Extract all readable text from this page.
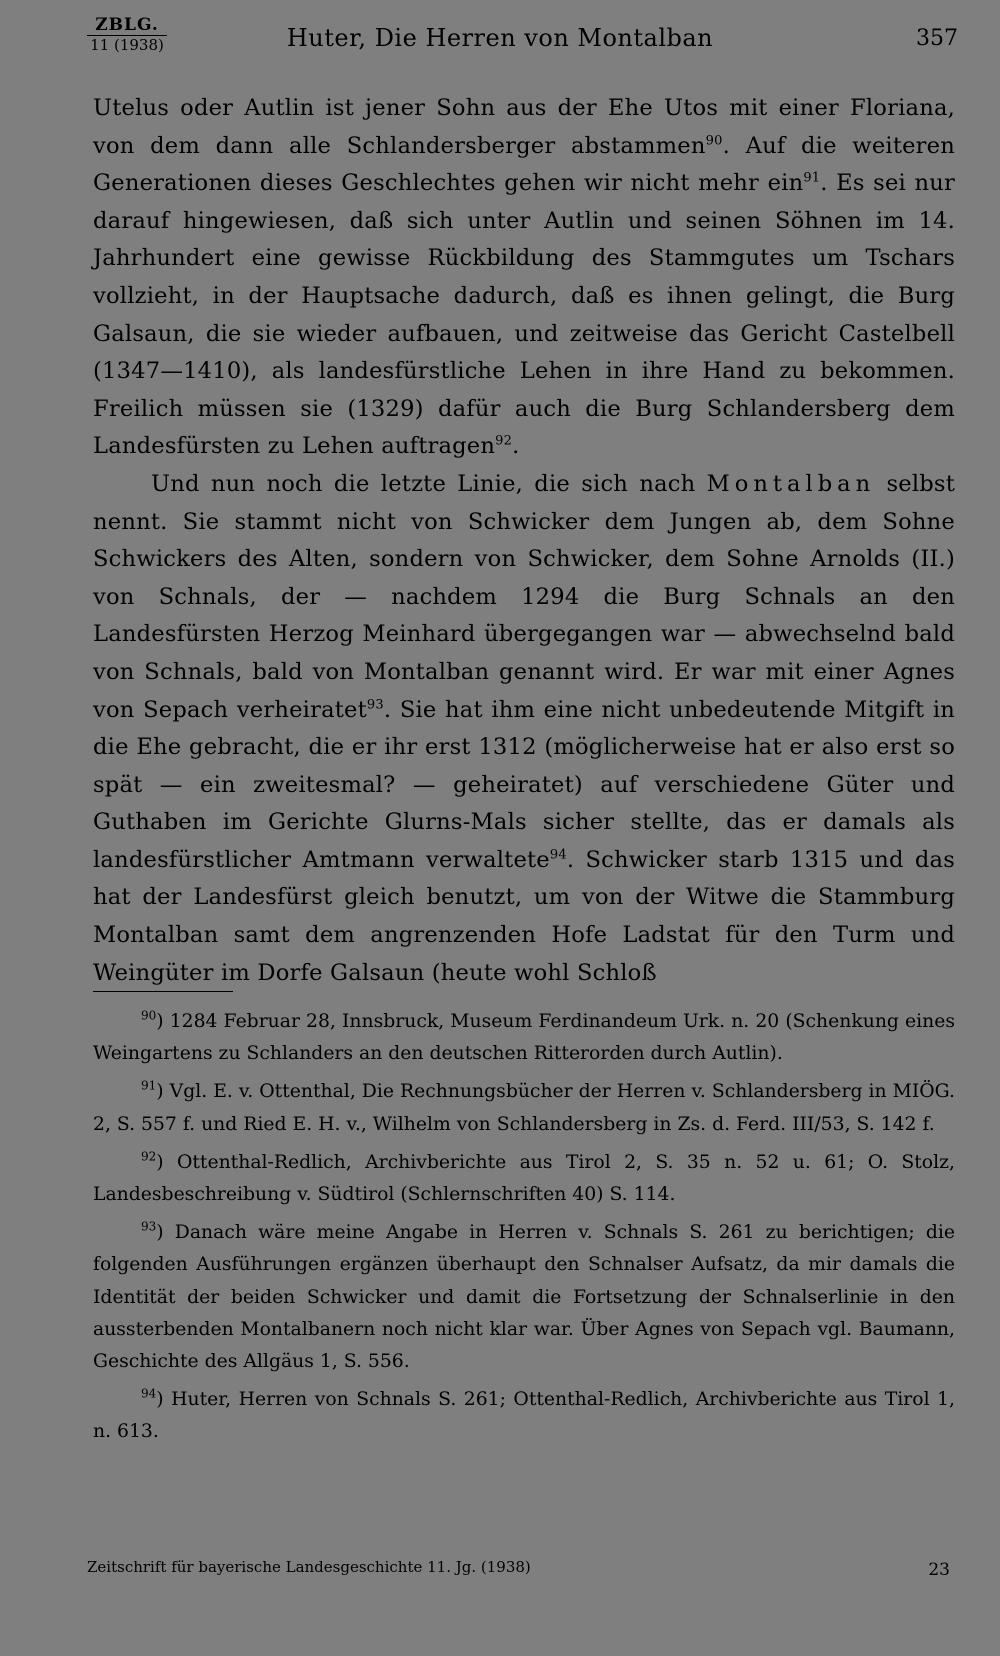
ZBLG.
11 (1938)	Huter, Die Herren von Montalban	357

Utelus oder Autlin ist jener Sohn aus der Ehe Utos mit einer Floriana, von dem dann alle Schlandersberger abstammen$^{90}$. Auf die weiteren Generationen dieses Geschlechtes gehen wir nicht mehr ein$^{91}$. Es sei nur darauf hingewiesen, daß sich unter Autlin und seinen Söhnen im 14. Jahrhundert eine gewisse Rückbildung des Stammgutes um Tschars vollzieht, in der Hauptsache dadurch, daß es ihnen gelingt, die Burg Galsaun, die sie wieder aufbauen, und zeitweise das Gericht Castelbell (1347—1410), als landesfürstliche Lehen in ihre Hand zu bekommen. Freilich müssen sie (1329) dafür auch die Burg Schlandersberg dem Landesfürsten zu Lehen auftragen$^{92}$.

Und nun noch die letzte Linie, die sich nach Montalban selbst nennt. Sie stammt nicht von Schwicker dem Jungen ab, dem Sohne Schwickers des Alten, sondern von Schwicker, dem Sohne Arnolds (II.) von Schnals, der — nachdem 1294 die Burg Schnals an den Landesfürsten Herzog Meinhard übergegangen war — abwechselnd bald von Schnals, bald von Montalban genannt wird. Er war mit einer Agnes von Sepach verheiratet$^{93}$. Sie hat ihm eine nicht unbedeutende Mitgift in die Ehe gebracht, die er ihr erst 1312 (möglicherweise hat er also erst so spät — ein zweitesmal? — geheiratet) auf verschiedene Güter und Guthaben im Gerichte Glurns-Mals sicher stellte, das er damals als landesfürstlicher Amtmann verwaltete$^{94}$. Schwicker starb 1315 und das hat der Landesfürst gleich benutzt, um von der Witwe die Stammburg Montalban samt dem angrenzenden Hofe Ladstat für den Turm und Weingüter im Dorfe Galsaun (heute wohl Schloß

$^{90}$) 1284 Februar 28, Innsbruck, Museum Ferdinandeum Urk. n. 20 (Schenkung eines Weingartens zu Schlanders an den deutschen Ritterorden durch Autlin).

$^{91}$) Vgl. E. v. Ottenthal, Die Rechnungsbücher der Herren v. Schlandersberg in MIÖG. 2, S. 557 f. und Ried E. H. v., Wilhelm von Schlandersberg in Zs. d. Ferd. III/53, S. 142 f.

$^{92}$) Ottenthal-Redlich, Archivberichte aus Tirol 2, S. 35 n. 52 u. 61; O. Stolz, Landesbeschreibung v. Südtirol (Schlernschriften 40) S. 114.

$^{93}$) Danach wäre meine Angabe in Herren v. Schnals S. 261 zu berichtigen; die folgenden Ausführungen ergänzen überhaupt den Schnalser Aufsatz, da mir damals die Identität der beiden Schwicker und damit die Fortsetzung der Schnalserlinie in den aussterbenden Montalbanern noch nicht klar war. Über Agnes von Sepach vgl. Baumann, Geschichte des Allgäus 1, S. 556.

$^{94}$) Huter, Herren von Schnals S. 261; Ottenthal-Redlich, Archivberichte aus Tirol 1, n. 613.

Zeitschrift für bayerische Landesgeschichte 11. Jg. (1938)	23
